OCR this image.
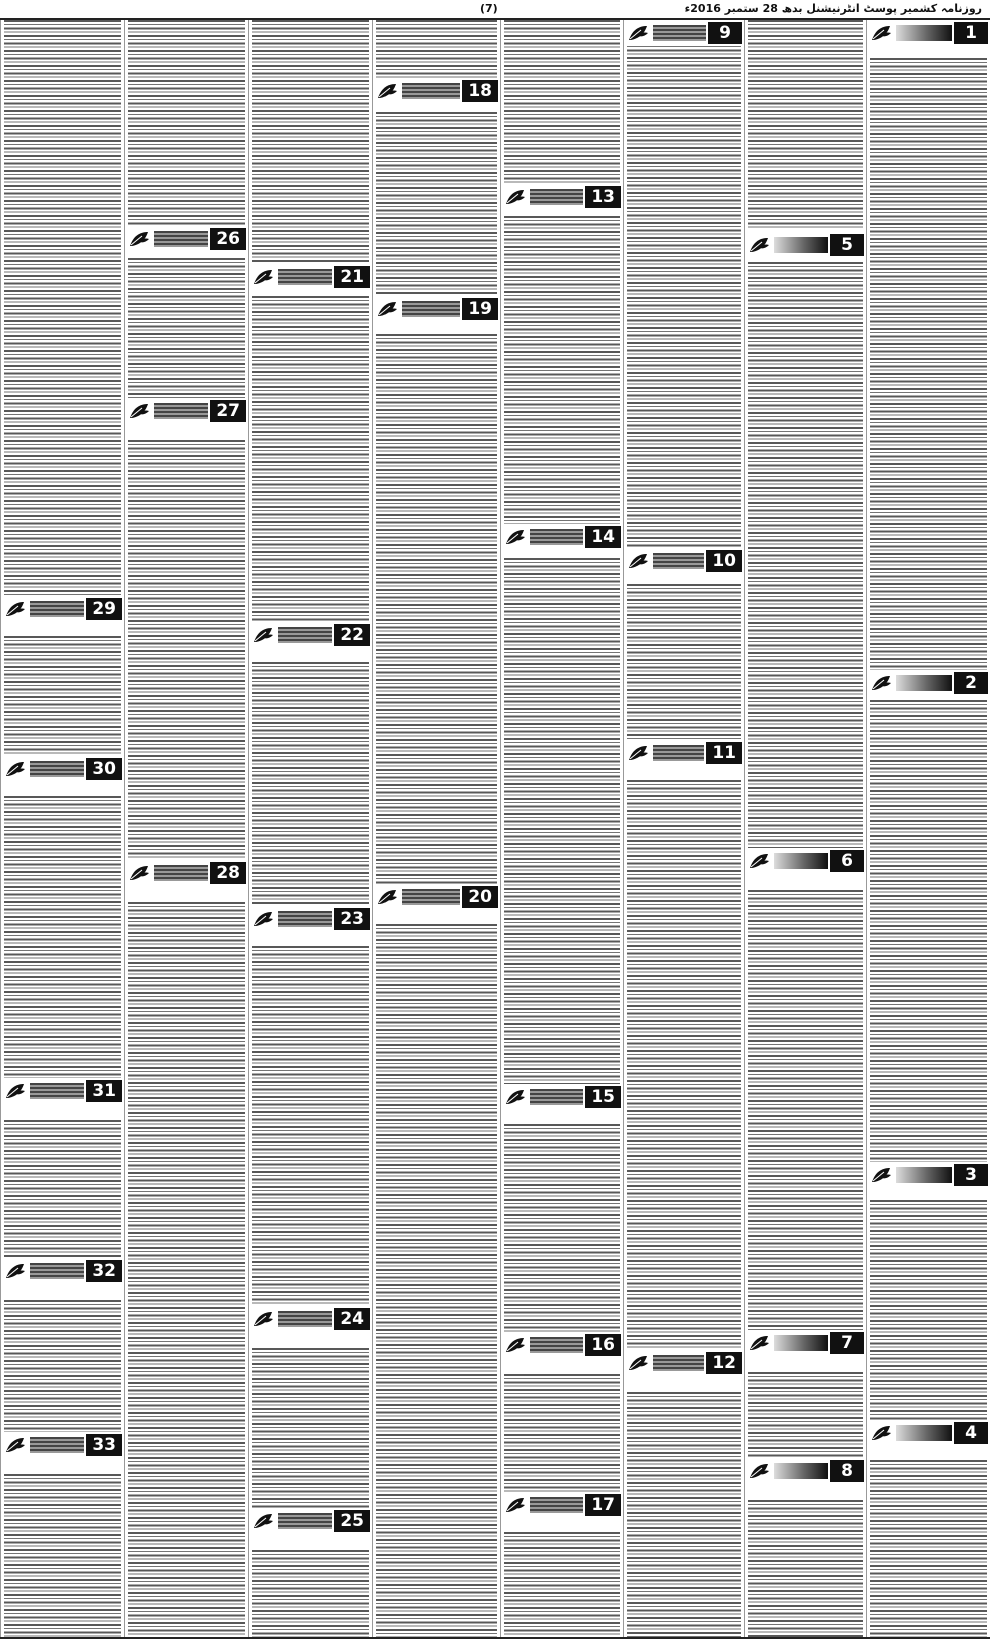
(7)	روزنامہ کشمیر پوسٹ انٹرنیشنل بدھ 28 ستمبر 2016ء
1
2
3
4
5
6
7
8
9
10
11
12
13
14
15
16
17
18
19
20
21
22
23
24
25
26
27
28
29
30
31
32
33
